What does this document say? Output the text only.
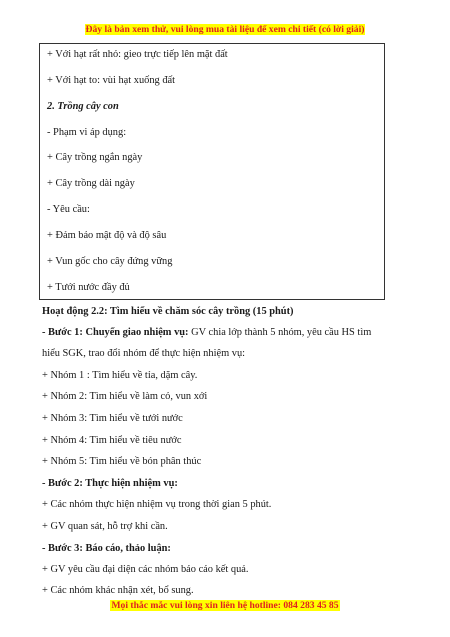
Đây là bản xem thử, vui lòng mua tài liệu để xem chi tiết (có lời giải)
+ Với hạt rất nhỏ: gieo trực tiếp lên mặt đất
+ Với hạt to: vùi hạt xuống đất
2. Trồng cây con
- Phạm vi áp dụng:
+ Cây trồng ngắn ngày
+ Cây trồng dài ngày
- Yêu cầu:
+ Đảm bảo mật độ và độ sâu
+ Vun gốc cho cây đứng vững
+ Tưới nước đầy đủ
Hoạt động 2.2: Tìm hiểu về chăm sóc cây trồng (15 phút)
- Bước 1: Chuyển giao nhiệm vụ: GV chia lớp thành 5 nhóm, yêu cầu HS tìm
hiểu SGK, trao đổi nhóm để thực hiện nhiệm vụ:
+ Nhóm 1 : Tìm hiểu về tỉa, dặm cây.
+ Nhóm 2: Tìm hiểu về làm cỏ, vun xới
+ Nhóm 3: Tìm hiểu về tưới nước
+ Nhóm 4: Tìm hiểu về tiêu nước
+ Nhóm 5: Tìm hiểu về bón phân thúc
- Bước 2: Thực hiện nhiệm vụ:
+ Các nhóm thực hiện nhiệm vụ trong thời gian 5 phút.
+ GV quan sát, hỗ trợ khi cần.
- Bước 3: Báo cáo, thảo luận:
+ GV yêu cầu đại diện các nhóm báo cáo kết quả.
+ Các nhóm khác nhận xét, bổ sung.
Mọi thắc mắc vui lòng xin liên hệ hotline: 084 283 45 85
